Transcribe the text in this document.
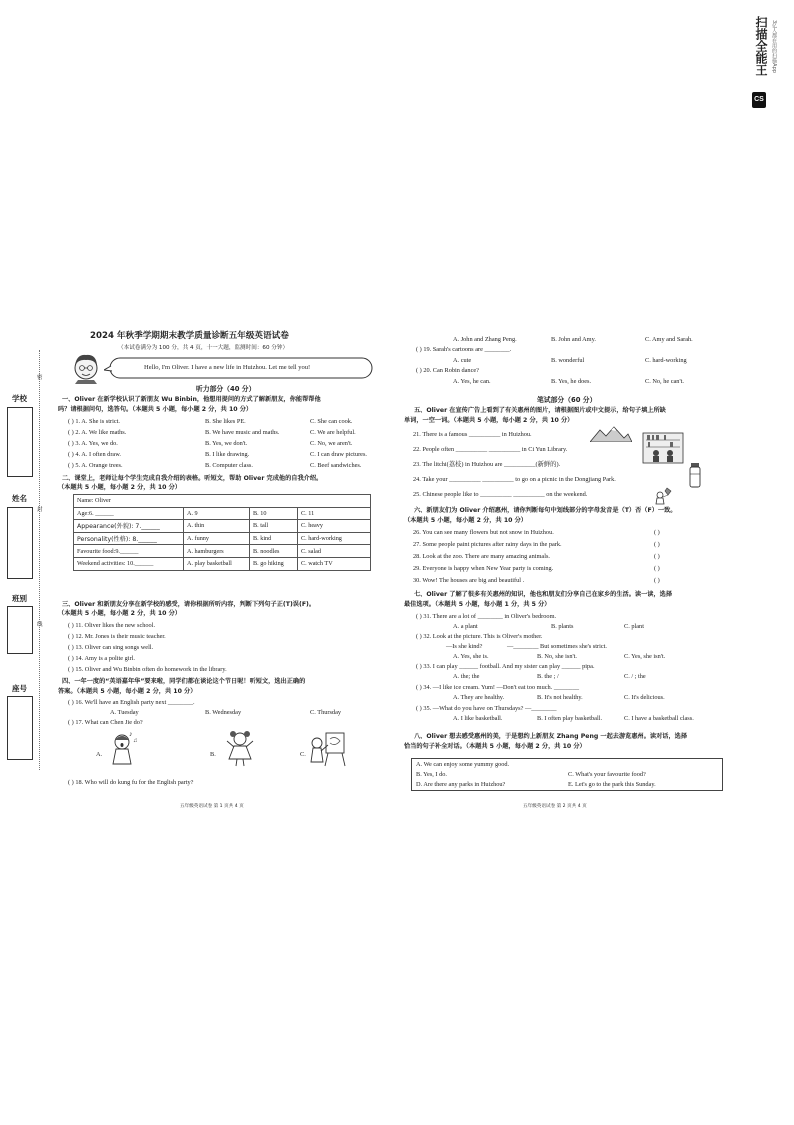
CS
扫描全能王 3亿人都在用的扫描App
密
封
线
学校
姓名
班别
座号
2024 年秋季学期期末教学质量诊断五年级英语试卷
（本试卷满分为 100 分，共 4 页，十一大题，监测时间：60 分钟）
Hello, I'm Oliver. I have a new life in Huizhou. Let me tell you!
听力部分（40 分）
一、Oliver 在新学校认识了新朋友 Wu Binbin，他想用提问的方式了解新朋友，你能帮帮他
吗？请根据问句，选答句。（本题共 5 小题，每小题 2 分，共 10 分）
( ) 1. A. She is strict.	B. She likes PE.	C. She can cook.
( ) 2. A. We like maths.	B. We have music and maths.	C. We are helpful.
( ) 3. A. Yes, we do.	B. Yes, we don't.	C. No, we aren't.
( ) 4. A. I often draw.	B. I like drawing.	C. I can draw pictures.
( ) 5. A. Orange trees.	B. Computer class.	C. Beef sandwiches.
二、课堂上，老师让每个学生完成自我介绍的表格。听短文，帮助 Oliver 完成他的自我介绍。
（本题共 5 小题，每小题 2 分，共 10 分）
Name: Oliver			
Age:6. ______	A. 9	B. 10	C. 11
Appearance(外貌): 7.______	A. thin	B. tall	C. heavy
Personality(性格): 8.______	A. funny	B. kind	C. hard-working
Favourite food:9.______	A. hamburgers	B. noodles	C. salad
Weekend activities: 10.______	A. play basketball	B. go hiking	C. watch TV
三、Oliver 和新朋友分享在新学校的感受，请你根据所听内容，判断下列句子正(T)误(F)。
（本题共 5 小题，每小题 2 分，共 10 分）
( ) 11. Oliver likes the new school.
( ) 12. Mr. Jones is their music teacher.
( ) 13. Oliver can sing songs well.
( ) 14. Amy is a polite girl.
( ) 15. Oliver and Wu Binbin often do homework in the library.
四、一年一度的“英语嘉年华”要来啦，同学们都在谈论这个节日呢！听短文，选出正确的
答案。（本题共 5 小题，每小题 2 分，共 10 分）
( ) 16. We'll have an English party next ________.
A. Tuesday	B. Wednesday	C. Thursday
( ) 17. What can Chen Jie do?
A.
♪
♫
B.	C.
( ) 18. Who will do kung fu for the English party?
五年级英语试卷 第 1 页共 4 页
A. John and Zhang Peng.	B. John and Amy.	C. Amy and Sarah.
( ) 19. Sarah's cartoons are ________.
A. cute	B. wonderful	C. hard-working
( ) 20. Can Robin dance?
A. Yes, he can.	B. Yes, he does.	C. No, he can't.
笔试部分（60 分）
五、Oliver 在宣传广告上看到了有关惠州的图片，请根据图片或中文提示，给句子填上所缺
单词，一空一词。（本题共 5 小题，每小题 2 分，共 10 分）
21. There is a famous __________ in Huizhou.
22. People often __________ __________ in Ci Yun Library.
23. The litchi(荔枝) in Huizhou are __________(新鲜的).
24. Take your __________ __________ to go on a picnic in the Dongjiang Park.
25. Chinese people like to __________ __________ on the weekend.
六、新朋友们为 Oliver 介绍惠州，请你判断每句中划线部分的字母发音是（T）否（F）一致。
（本题共 5 小题，每小题 2 分，共 10 分）
26. You can see many flowers but not snow in Huizhou.	( )
27. Some people paint pictures after rainy days in the park.	( )
28. Look at the zoo. There are many amazing animals.	( )
29. Everyone is happy when New Year party is coming.	( )
30. Wow! The houses are big and beautiful .	( )
七、Oliver 了解了很多有关惠州的知识，他也和朋友们分享自己在家乡的生活。读一读，选择
最佳选项。（本题共 5 小题，每小题 1 分，共 5 分）
( ) 31. There are a lot of ________ in Oliver's bedroom.
A. a plant	B. plants	C. plant
( ) 32. Look at the picture. This is Oliver's mother.
—Is she kind?	—________ But sometimes she's strict.
A. Yes, she is.	B. No, she isn't.	C. Yes, she isn't.
( ) 33. I can play ______ football. And my sister can play ______ pipa.
A. the; the	B. the ; /	C. / ; the
( ) 34. —I like ice cream. Yum! —Don't eat too much. ________
A. They are healthy.	B. It's not healthy.	C. It's delicious.
( ) 35. —What do you have on Thursdays? —________
A. I like basketball.	B. I often play basketball.	C. I have a basketball class.
八、Oliver 想去感受惠州的美，于是想约上新朋友 Zhang Peng 一起去游览惠州。读对话，选择
恰当的句子补全对话。（本题共 5 小题，每小题 2 分，共 10 分）
A. We can enjoy some yummy good.
B. Yes, I do.	C. What's your favourite food?
D. Are there any parks in Huizhou?	E. Let's go to the park this Sunday.
五年级英语试卷 第 2 页共 4 页
